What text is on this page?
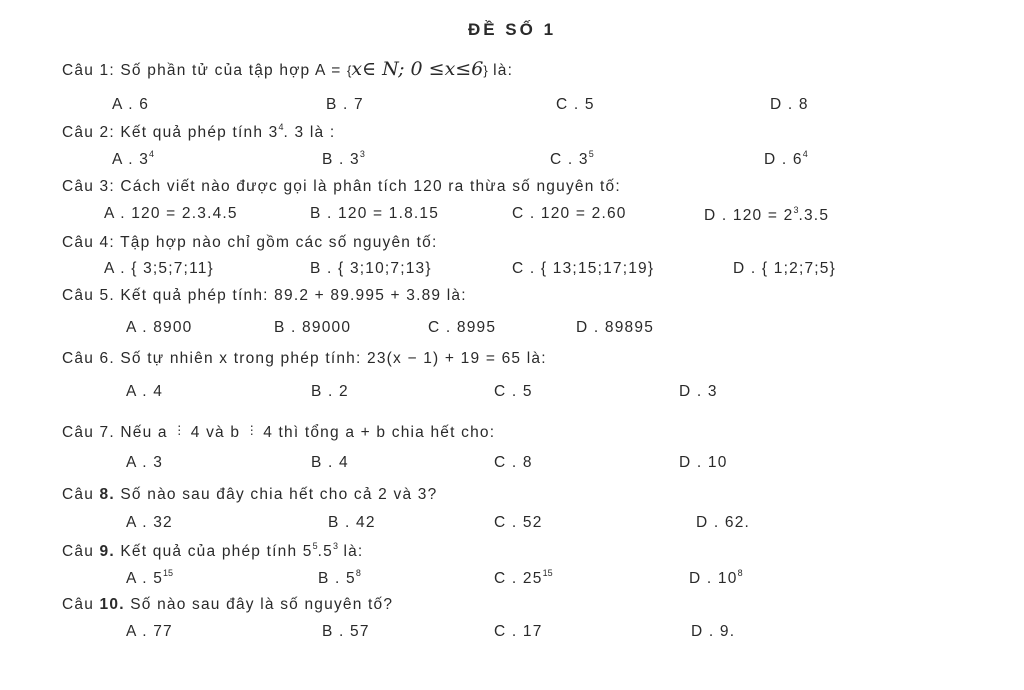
ĐỀ SỐ 1
Câu 1: Số phần tử của tập hợp A = {x∈ N; 0 ≤x≤6} là:
A . 6	B . 7	C . 5	D . 8
Câu 2: Kết quả phép tính $3^4$. 3 là :
A . $3^4$	B . $3^3$	C . $3^5$	D . $6^4$
Câu 3: Cách viết nào được gọi là phân tích 120 ra thừa số nguyên tố:
A . 120 = 2.3.4.5	B . 120 = 1.8.15	C . 120 = 2.60	D . $120 = 2^3.3.5$
Câu 4: Tập hợp nào chỉ gồm các số nguyên tố:
A . { 3;5;7;11}	B . { 3;10;7;13}	C . { 13;15;17;19}	D . { 1;2;7;5}
Câu 5. Kết quả phép tính: 89.2 + 89.995 + 3.89 là:
A . 8900	B . 89000	C . 8995	D . 89895
Câu 6. Số tự nhiên x trong phép tính: 23(x − 1) + 19 = 65 là:
A . 4	B . 2	C . 5	D . 3
Câu 7. Nếu a ⋮ 4 và b ⋮ 4 thì tổng a + b chia hết cho:
A . 3	B . 4	C . 8	D . 10
Câu 8. Số nào sau đây chia hết cho cả 2 và 3?
A . 32	B . 42	C . 52	D . 62.
Câu 9. Kết quả của phép tính $5^5.5^3$ là:
A . $5^{15}$	B . $5^8$	C . $25^{15}$	D . $10^8$
Câu 10. Số nào sau đây là số nguyên tố?
A . 77	B . 57	C . 17	D . 9.
